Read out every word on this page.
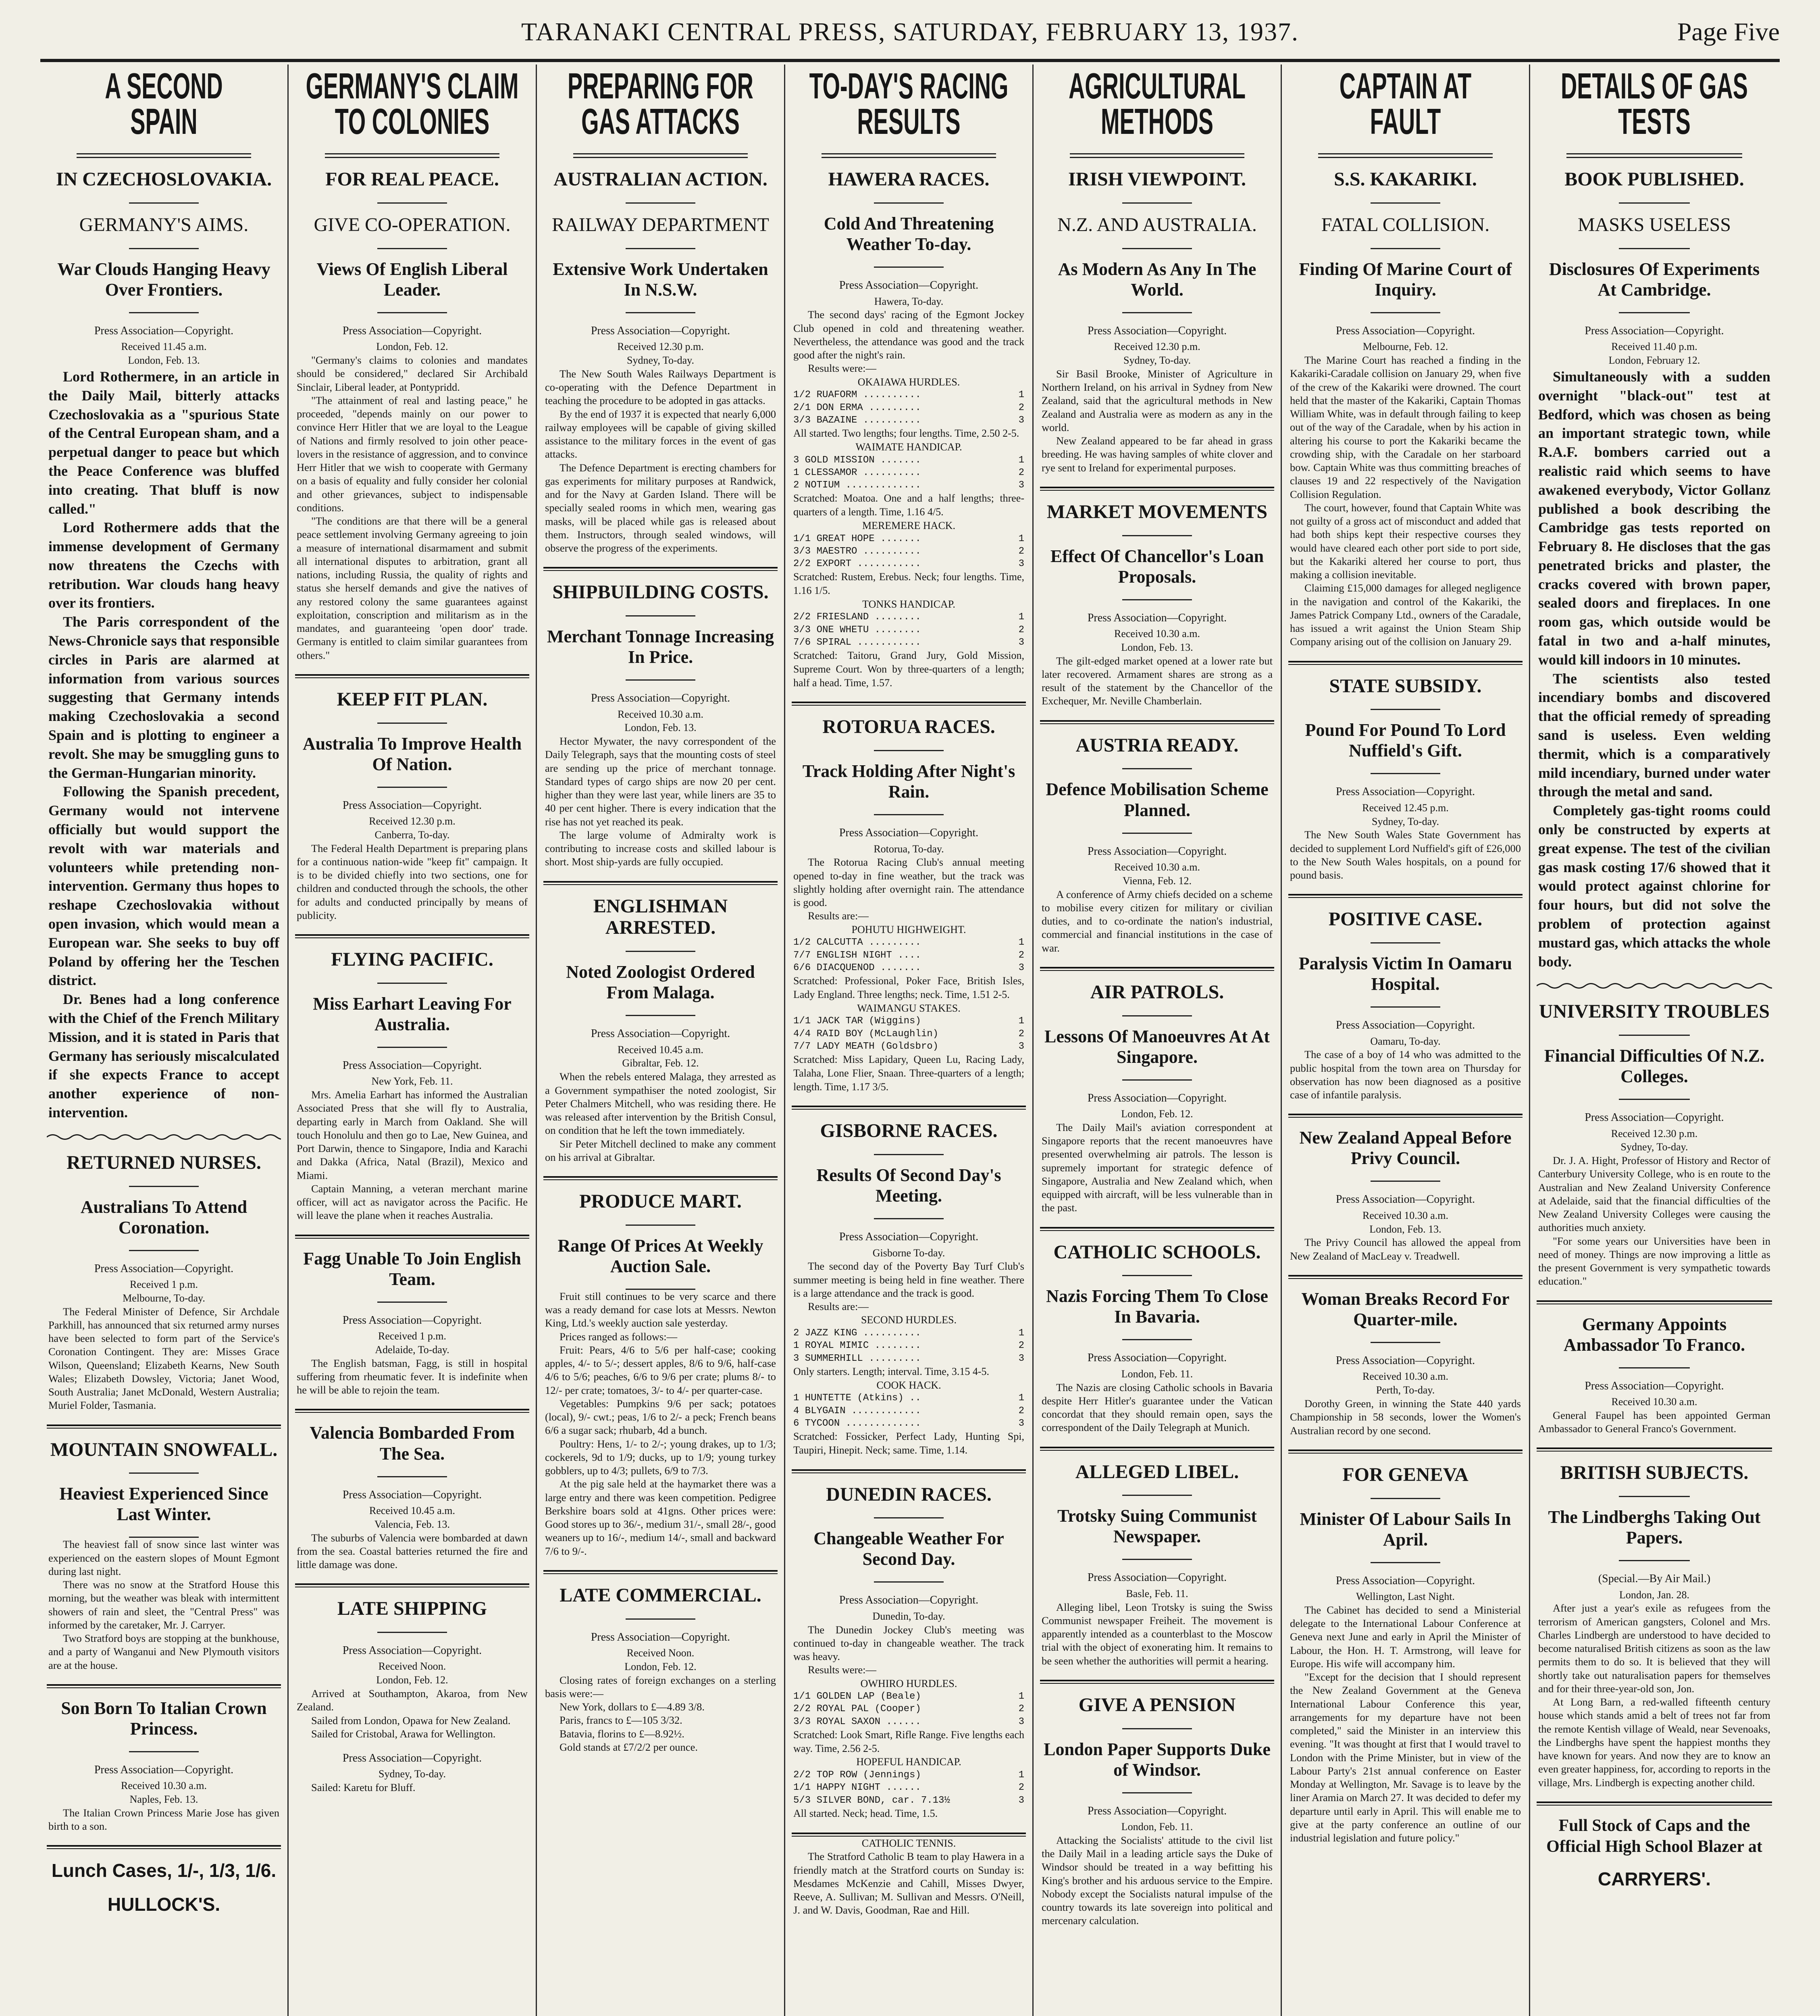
TARANAKI CENTRAL PRESS, SATURDAY, FEBRUARY 13, 1937.	Page Five
A SECOND
SPAIN
IN CZECHOSLOVAKIA.
GERMANY'S AIMS.
War Clouds Hanging Heavy Over Frontiers.
Press Association—Copyright.
Received 11.45 a.m.
London, Feb. 13.
Lord Rothermere, in an article in the Daily Mail, bitterly attacks Czechoslovakia as a "spurious State of the Central European sham, and a perpetual danger to peace but which the Peace Conference was bluffed into creating. That bluff is now called."
Lord Rothermere adds that the immense development of Germany now threatens the Czechs with retribution. War clouds hang heavy over its frontiers.
The Paris correspondent of the News-Chronicle says that responsible circles in Paris are alarmed at information from various sources suggesting that Germany intends making Czechoslovakia a second Spain and is plotting to engineer a revolt. She may be smuggling guns to the German-Hungarian minority.
Following the Spanish precedent, Germany would not intervene officially but would support the revolt with war materials and volunteers while pretending non-intervention. Germany thus hopes to reshape Czechoslovakia without open invasion, which would mean a European war. She seeks to buy off Poland by offering her the Teschen district.
Dr. Benes had a long conference with the Chief of the French Military Mission, and it is stated in Paris that Germany has seriously miscalculated if she expects France to accept another experience of non-intervention.
RETURNED NURSES.
Australians To Attend Coronation.
Press Association—Copyright.
Received 1 p.m.
Melbourne, To-day.
The Federal Minister of Defence, Sir Archdale Parkhill, has announced that six returned army nurses have been selected to form part of the Service's Coronation Contingent. They are: Misses Grace Wilson, Queensland; Elizabeth Kearns, New South Wales; Elizabeth Dowsley, Victoria; Janet Wood, South Australia; Janet McDonald, Western Australia; Muriel Folder, Tasmania.
MOUNTAIN SNOWFALL.
Heaviest Experienced Since Last Winter.
The heaviest fall of snow since last winter was experienced on the eastern slopes of Mount Egmont during last night.
There was no snow at the Stratford House this morning, but the weather was bleak with intermittent showers of rain and sleet, the "Central Press" was informed by the caretaker, Mr. J. Carryer.
Two Stratford boys are stopping at the bunkhouse, and a party of Wanganui and New Plymouth visitors are at the house.
Son Born To Italian Crown Princess.
Press Association—Copyright.
Received 10.30 a.m.
Naples, Feb. 13.
The Italian Crown Princess Marie Jose has given birth to a son.
Lunch Cases, 1/-, 1/3, 1/6.
HULLOCK'S.
GERMANY'S CLAIM
TO COLONIES
FOR REAL PEACE.
GIVE CO-OPERATION.
Views Of English Liberal Leader.
Press Association—Copyright.
London, Feb. 12.
"Germany's claims to colonies and mandates should be considered," declared Sir Archibald Sinclair, Liberal leader, at Pontypridd.
"The attainment of real and lasting peace," he proceeded, "depends mainly on our power to convince Herr Hitler that we are loyal to the League of Nations and firmly resolved to join other peace-lovers in the resistance of aggression, and to convince Herr Hitler that we wish to cooperate with Germany on a basis of equality and fully consider her colonial and other grievances, subject to indispensable conditions.
"The conditions are that there will be a general peace settlement involving Germany agreeing to join a measure of international disarmament and submit all international disputes to arbitration, grant all nations, including Russia, the quality of rights and status she herself demands and give the natives of any restored colony the same guarantees against exploitation, conscription and militarism as in the mandates, and guaranteeing 'open door' trade. Germany is entitled to claim similar guarantees from others."
KEEP FIT PLAN.
Australia To Improve Health Of Nation.
Press Association—Copyright.
Received 12.30 p.m.
Canberra, To-day.
The Federal Health Department is preparing plans for a continuous nation-wide "keep fit" campaign. It is to be divided chiefly into two sections, one for children and conducted through the schools, the other for adults and conducted principally by means of publicity.
FLYING PACIFIC.
Miss Earhart Leaving For Australia.
Press Association—Copyright.
New York, Feb. 11.
Mrs. Amelia Earhart has informed the Australian Associated Press that she will fly to Australia, departing early in March from Oakland. She will touch Honolulu and then go to Lae, New Guinea, and Port Darwin, thence to Singapore, India and Karachi and Dakka (Africa, Natal (Brazil), Mexico and Miami.
Captain Manning, a veteran merchant marine officer, will act as navigator across the Pacific. He will leave the plane when it reaches Australia.
Fagg Unable To Join English Team.
Press Association—Copyright.
Received 1 p.m.
Adelaide, To-day.
The English batsman, Fagg, is still in hospital suffering from rheumatic fever. It is indefinite when he will be able to rejoin the team.
Valencia Bombarded From The Sea.
Press Association—Copyright.
Received 10.45 a.m.
Valencia, Feb. 13.
The suburbs of Valencia were bombarded at dawn from the sea. Coastal batteries returned the fire and little damage was done.
LATE SHIPPING
Press Association—Copyright.
Received Noon.
London, Feb. 12.
Arrived at Southampton, Akaroa, from New Zealand.
Sailed from London, Opawa for New Zealand.
Sailed for Cristobal, Arawa for Wellington.
Press Association—Copyright.
Sydney, To-day.
Sailed: Karetu for Bluff.
PREPARING FOR
GAS ATTACKS
AUSTRALIAN ACTION.
RAILWAY DEPARTMENT
Extensive Work Undertaken In N.S.W.
Press Association—Copyright.
Received 12.30 p.m.
Sydney, To-day.
The New South Wales Railways Department is co-operating with the Defence Department in teaching the procedure to be adopted in gas attacks.
By the end of 1937 it is expected that nearly 6,000 railway employees will be capable of giving skilled assistance to the military forces in the event of gas attacks.
The Defence Department is erecting chambers for gas experiments for military purposes at Randwick, and for the Navy at Garden Island. There will be specially sealed rooms in which men, wearing gas masks, will be placed while gas is released about them. Instructors, through sealed windows, will observe the progress of the experiments.
SHIPBUILDING COSTS.
Merchant Tonnage Increasing In Price.
Press Association—Copyright.
Received 10.30 a.m.
London, Feb. 13.
Hector Mywater, the navy correspondent of the Daily Telegraph, says that the mounting costs of steel are sending up the price of merchant tonnage. Standard types of cargo ships are now 20 per cent. higher than they were last year, while liners are 35 to 40 per cent higher. There is every indication that the rise has not yet reached its peak.
The large volume of Admiralty work is contributing to increase costs and skilled labour is short. Most ship-yards are fully occupied.
ENGLISHMAN ARRESTED.
Noted Zoologist Ordered From Malaga.
Press Association—Copyright.
Received 10.45 a.m.
Gibraltar, Feb. 12.
When the rebels entered Malaga, they arrested as a Government sympathiser the noted zoologist, Sir Peter Chalmers Mitchell, who was residing there. He was released after intervention by the British Consul, on condition that he left the town immediately.
Sir Peter Mitchell declined to make any comment on his arrival at Gibraltar.
PRODUCE MART.
Range Of Prices At Weekly Auction Sale.
Fruit still continues to be very scarce and there was a ready demand for case lots at Messrs. Newton King, Ltd.'s weekly auction sale yesterday.
Prices ranged as follows:—
Fruit: Pears, 4/6 to 5/6 per half-case; cooking apples, 4/- to 5/-; dessert apples, 8/6 to 9/6, half-case 4/6 to 5/6; peaches, 6/6 to 9/6 per crate; plums 8/- to 12/- per crate; tomatoes, 3/- to 4/- per quarter-case.
Vegetables: Pumpkins 9/6 per sack; potatoes (local), 9/- cwt.; peas, 1/6 to 2/- a peck; French beans 6/6 a sugar sack; rhubarb, 4d a bunch.
Poultry: Hens, 1/- to 2/-; young drakes, up to 1/3; cockerels, 9d to 1/9; ducks, up to 1/9; young turkey gobblers, up to 4/3; pullets, 6/9 to 7/3.
At the pig sale held at the haymarket there was a large entry and there was keen competition. Pedigree Berkshire boars sold at 41gns. Other prices were: Good stores up to 36/-, medium 31/-, small 28/-, good weaners up to 16/-, medium 14/-, small and backward 7/6 to 9/-.
LATE COMMERCIAL.
Press Association—Copyright.
Received Noon.
London, Feb. 12.
Closing rates of foreign exchanges on a sterling basis were:—
New York, dollars to £—4.89 3/8.
Paris, francs to £—105 3/32.
Batavia, florins to £—8.92½.
Gold stands at £7/2/2 per ounce.
TO-DAY'S RACING
RESULTS
HAWERA RACES.
Cold And Threatening Weather To-day.
Press Association—Copyright.
Hawera, To-day.
The second days' racing of the Egmont Jockey Club opened in cold and threatening weather. Nevertheless, the attendance was good and the track good after the night's rain.
Results were:—
OKAIAWA HURDLES.
1/2 RUAFORM ..........	1
2/1 DON ERMA .........	2
3/3 BAZAINE ..........	3
All started. Two lengths; four lengths. Time, 2.50 2-5.
WAIMATE HANDICAP.
3 GOLD MISSION .......	1
1 CLESSAMOR ..........	2
2 NOTIUM .............	3
Scratched: Moatoa. One and a half lengths; three-quarters of a length. Time, 1.16 4/5.
MEREMERE HACK.
1/1 GREAT HOPE .......	1
3/3 MAESTRO ..........	2
2/2 EXPORT ...........	3
Scratched: Rustem, Erebus. Neck; four lengths. Time, 1.16 1/5.
TONKS HANDICAP.
2/2 FRIESLAND ........	1
3/3 ONE WHETU ........	2
7/6 SPIRAL ...........	3
Scratched: Taitoru, Grand Jury, Gold Mission, Supreme Court. Won by three-quarters of a length; half a head. Time, 1.57.
ROTORUA RACES.
Track Holding After Night's Rain.
Press Association—Copyright.
Rotorua, To-day.
The Rotorua Racing Club's annual meeting opened to-day in fine weather, but the track was slightly holding after overnight rain. The attendance is good.
Results are:—
POHUTU HIGHWEIGHT.
1/2 CALCUTTA .........	1
7/7 ENGLISH NIGHT ....	2
6/6 DIACQUENOD .......	3
Scratched: Professional, Poker Face, British Isles, Lady England. Three lengths; neck. Time, 1.51 2-5.
WAIMANGU STAKES.
1/1 JACK TAR (Wiggins)	1
4/4 RAID BOY (McLaughlin)	2
7/7 LADY MEATH (Goldsbro)	3
Scratched: Miss Lapidary, Queen Lu, Racing Lady, Talaha, Lone Flier, Snaan. Three-quarters of a length; length. Time, 1.17 3/5.
GISBORNE RACES.
Results Of Second Day's Meeting.
Press Association—Copyright.
Gisborne To-day.
The second day of the Poverty Bay Turf Club's summer meeting is being held in fine weather. There is a large attendance and the track is good.
Results are:—
SECOND HURDLES.
2 JAZZ KING ..........	1
1 ROYAL MIMIC ........	2
3 SUMMERHILL .........	3
Only starters. Length; interval. Time, 3.15 4-5.
COOK HACK.
1 HUNTETTE (Atkins) ..	1
4 BLYGAIN ............	2
6 TYCOON .............	3
Scratched: Fossicker, Perfect Lady, Hunting Spi, Taupiri, Hinepit. Neck; same. Time, 1.14.
DUNEDIN RACES.
Changeable Weather For Second Day.
Press Association—Copyright.
Dunedin, To-day.
The Dunedin Jockey Club's meeting was continued to-day in changeable weather. The track was heavy.
Results were:—
OWHIRO HURDLES.
1/1 GOLDEN LAP (Beale)	1
2/2 ROYAL PAL (Cooper)	2
3/3 ROYAL SAXON ......	3
Scratched: Look Smart, Rifle Range. Five lengths each way. Time, 2.56 2-5.
HOPEFUL HANDICAP.
2/2 TOP ROW (Jennings)	1
1/1 HAPPY NIGHT ......	2
5/3 SILVER BOND, car. 7.13½	3
All started. Neck; head. Time, 1.5.
CATHOLIC TENNIS.
The Stratford Catholic B team to play Hawera in a friendly match at the Stratford courts on Sunday is: Mesdames McKenzie and Cahill, Misses Dwyer, Reeve, A. Sullivan; M. Sullivan and Messrs. O'Neill, J. and W. Davis, Goodman, Rae and Hill.
AGRICULTURAL
METHODS
IRISH VIEWPOINT.
N.Z. AND AUSTRALIA.
As Modern As Any In The World.
Press Association—Copyright.
Received 12.30 p.m.
Sydney, To-day.
Sir Basil Brooke, Minister of Agriculture in Northern Ireland, on his arrival in Sydney from New Zealand, said that the agricultural methods in New Zealand and Australia were as modern as any in the world.
New Zealand appeared to be far ahead in grass breeding. He was having samples of white clover and rye sent to Ireland for experimental purposes.
MARKET MOVEMENTS
Effect Of Chancellor's Loan Proposals.
Press Association—Copyright.
Received 10.30 a.m.
London, Feb. 13.
The gilt-edged market opened at a lower rate but later recovered. Armament shares are strong as a result of the statement by the Chancellor of the Exchequer, Mr. Neville Chamberlain.
AUSTRIA READY.
Defence Mobilisation Scheme Planned.
Press Association—Copyright.
Received 10.30 a.m.
Vienna, Feb. 12.
A conference of Army chiefs decided on a scheme to mobilise every citizen for military or civilian duties, and to co-ordinate the nation's industrial, commercial and financial institutions in the case of war.
AIR PATROLS.
Lessons Of Manoeuvres At At Singapore.
Press Association—Copyright.
London, Feb. 12.
The Daily Mail's aviation correspondent at Singapore reports that the recent manoeuvres have presented overwhelming air patrols. The lesson is supremely important for strategic defence of Singapore, Australia and New Zealand which, when equipped with aircraft, will be less vulnerable than in the past.
CATHOLIC SCHOOLS.
Nazis Forcing Them To Close In Bavaria.
Press Association—Copyright.
London, Feb. 11.
The Nazis are closing Catholic schools in Bavaria despite Herr Hitler's guarantee under the Vatican concordat that they should remain open, says the correspondent of the Daily Telegraph at Munich.
ALLEGED LIBEL.
Trotsky Suing Communist Newspaper.
Press Association—Copyright.
Basle, Feb. 11.
Alleging libel, Leon Trotsky is suing the Swiss Communist newspaper Freiheit. The movement is apparently intended as a counterblast to the Moscow trial with the object of exonerating him. It remains to be seen whether the authorities will permit a hearing.
GIVE A PENSION
London Paper Supports Duke of Windsor.
Press Association—Copyright.
London, Feb. 11.
Attacking the Socialists' attitude to the civil list the Daily Mail in a leading article says the Duke of Windsor should be treated in a way befitting his King's brother and his arduous service to the Empire. Nobody except the Socialists natural impulse of the country towards its late sovereign into political and mercenary calculation.
CAPTAIN AT
FAULT
S.S. KAKARIKI.
FATAL COLLISION.
Finding Of Marine Court of Inquiry.
Press Association—Copyright.
Melbourne, Feb. 12.
The Marine Court has reached a finding in the Kakariki-Caradale collision on January 29, when five of the crew of the Kakariki were drowned. The court held that the master of the Kakariki, Captain Thomas William White, was in default through failing to keep out of the way of the Caradale, when by his action in altering his course to port the Kakariki became the crowding ship, with the Caradale on her starboard bow. Captain White was thus committing breaches of clauses 19 and 22 respectively of the Navigation Collision Regulation.
The court, however, found that Captain White was not guilty of a gross act of misconduct and added that had both ships kept their respective courses they would have cleared each other port side to port side, but the Kakariki altered her course to port, thus making a collision inevitable.
Claiming £15,000 damages for alleged negligence in the navigation and control of the Kakariki, the James Patrick Company Ltd., owners of the Caradale, has issued a writ against the Union Steam Ship Company arising out of the collision on January 29.
STATE SUBSIDY.
Pound For Pound To Lord Nuffield's Gift.
Press Association—Copyright.
Received 12.45 p.m.
Sydney, To-day.
The New South Wales State Government has decided to supplement Lord Nuffield's gift of £26,000 to the New South Wales hospitals, on a pound for pound basis.
POSITIVE CASE.
Paralysis Victim In Oamaru Hospital.
Press Association—Copyright.
Oamaru, To-day.
The case of a boy of 14 who was admitted to the public hospital from the town area on Thursday for observation has now been diagnosed as a positive case of infantile paralysis.
New Zealand Appeal Before Privy Council.
Press Association—Copyright.
Received 10.30 a.m.
London, Feb. 13.
The Privy Council has allowed the appeal from New Zealand of MacLeay v. Treadwell.
Woman Breaks Record For Quarter-mile.
Press Association—Copyright.
Received 10.30 a.m.
Perth, To-day.
Dorothy Green, in winning the State 440 yards Championship in 58 seconds, lower the Women's Australian record by one second.
FOR GENEVA
Minister Of Labour Sails In April.
Press Association—Copyright.
Wellington, Last Night.
The Cabinet has decided to send a Ministerial delegate to the International Labour Conference at Geneva next June and early in April the Minister of Labour, the Hon. H. T. Armstrong, will leave for Europe. His wife will accompany him.
"Except for the decision that I should represent the New Zealand Government at the Geneva International Labour Conference this year, arrangements for my departure have not been completed," said the Minister in an interview this evening. "It was thought at first that I would travel to London with the Prime Minister, but in view of the Labour Party's 21st annual conference on Easter Monday at Wellington, Mr. Savage is to leave by the liner Aramia on March 27. It was decided to defer my departure until early in April. This will enable me to give at the party conference an outline of our industrial legislation and future policy."
DETAILS OF GAS
TESTS
BOOK PUBLISHED.
MASKS USELESS
Disclosures Of Experiments At Cambridge.
Press Association—Copyright.
Received 11.40 p.m.
London, February 12.
Simultaneously with a sudden overnight "black-out" test at Bedford, which was chosen as being an important strategic town, while R.A.F. bombers carried out a realistic raid which seems to have awakened everybody, Victor Gollanz published a book describing the Cambridge gas tests reported on February 8. He discloses that the gas penetrated bricks and plaster, the cracks covered with brown paper, sealed doors and fireplaces. In one room gas, which outside would be fatal in two and a-half minutes, would kill indoors in 10 minutes.
The scientists also tested incendiary bombs and discovered that the official remedy of spreading sand is useless. Even welding thermit, which is a comparatively mild incendiary, burned under water through the metal and sand.
Completely gas-tight rooms could only be constructed by experts at great expense. The test of the civilian gas mask costing 17/6 showed that it would protect against chlorine for four hours, but did not solve the problem of protection against mustard gas, which attacks the whole body.
UNIVERSITY TROUBLES
Financial Difficulties Of N.Z. Colleges.
Press Association—Copyright.
Received 12.30 p.m.
Sydney, To-day.
Dr. J. A. Hight, Professor of History and Rector of Canterbury University College, who is en route to the Australian and New Zealand University Conference at Adelaide, said that the financial difficulties of the New Zealand University Colleges were causing the authorities much anxiety.
"For some years our Universities have been in need of money. Things are now improving a little as the present Government is very sympathetic towards education."
Germany Appoints Ambassador To Franco.
Press Association—Copyright.
Received 10.30 a.m.
General Faupel has been appointed German Ambassador to General Franco's Government.
BRITISH SUBJECTS.
The Lindberghs Taking Out Papers.
(Special.—By Air Mail.)
London, Jan. 28.
After just a year's exile as refugees from the terrorism of American gangsters, Colonel and Mrs. Charles Lindbergh are understood to have decided to become naturalised British citizens as soon as the law permits them to do so. It is believed that they will shortly take out naturalisation papers for themselves and for their three-year-old son, Jon.
At Long Barn, a red-walled fifteenth century house which stands amid a belt of trees not far from the remote Kentish village of Weald, near Sevenoaks, the Lindberghs have spent the happiest months they have known for years. And now they are to know an even greater happiness, for, according to reports in the village, Mrs. Lindbergh is expecting another child.
Full Stock of Caps and the Official High School Blazer at
CARRYERS'.
